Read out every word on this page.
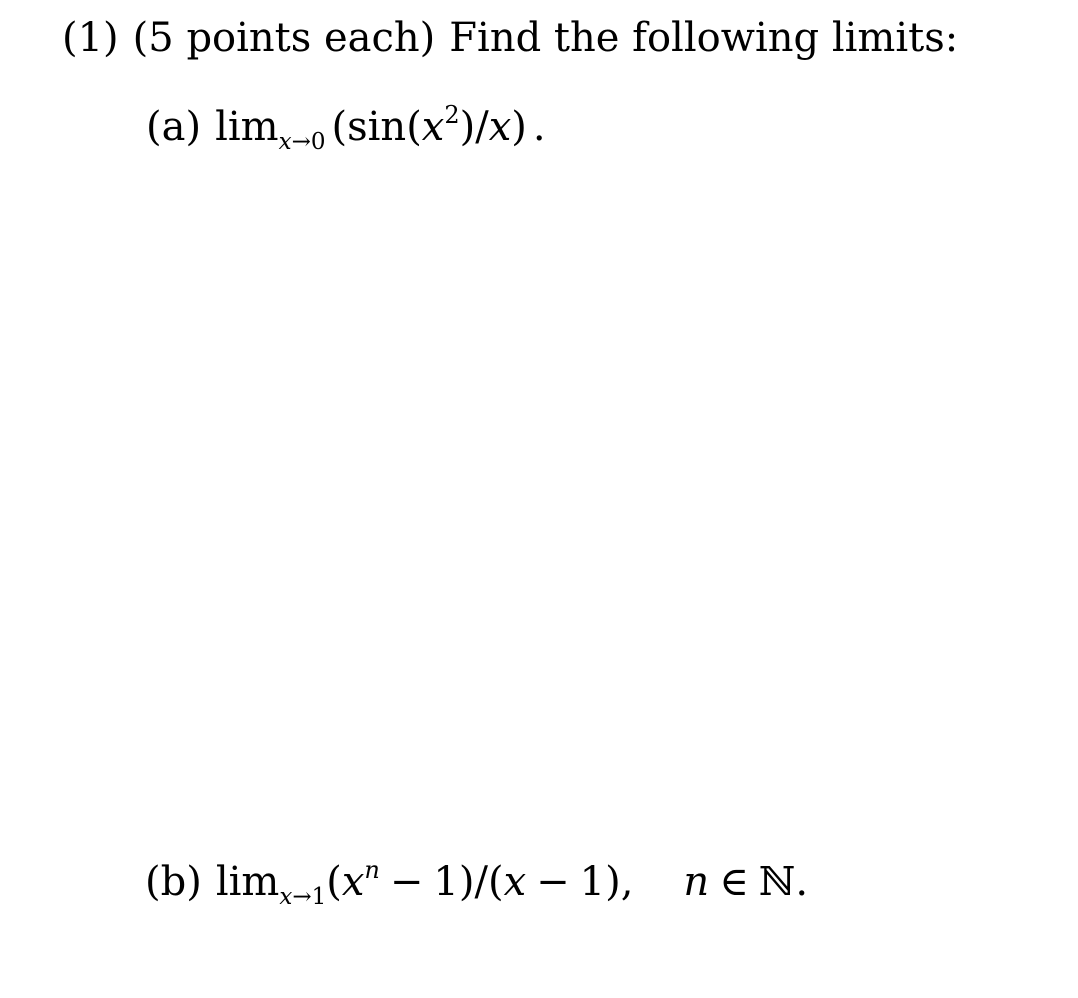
(1) (5 points each) Find the following limits:
(a) $\lim_{x\to 0} (\sin(x^2)/x)$ .
(b) $\lim_{x\to 1}(x^n - 1)/(x - 1)$, n ∈ ℕ.
